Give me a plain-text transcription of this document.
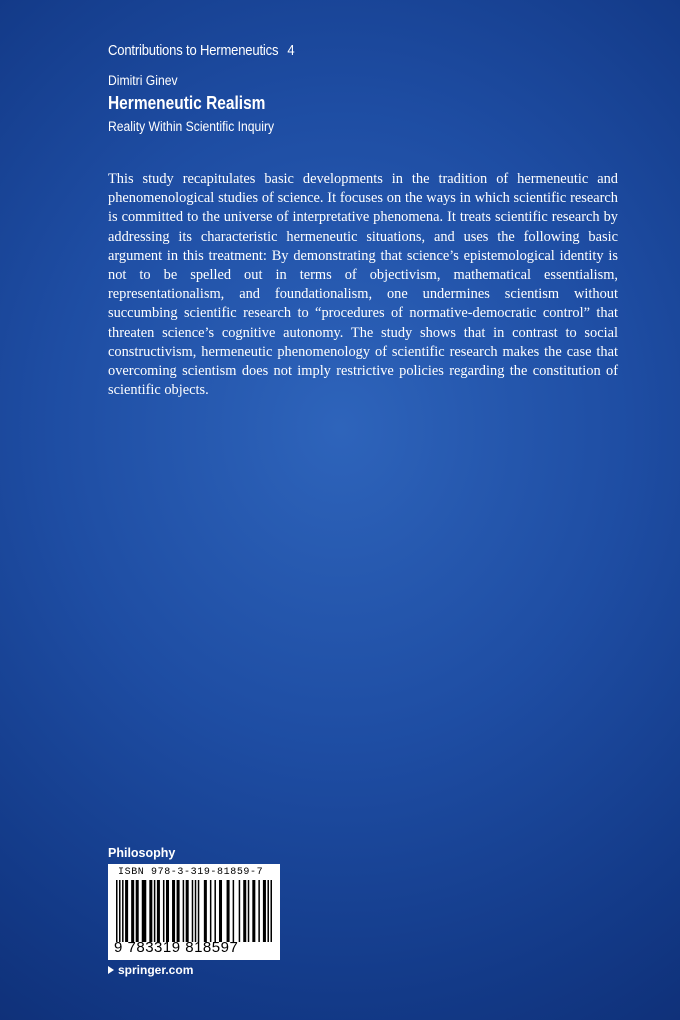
Contributions to Hermeneutics 4
Dimitri Ginev
Hermeneutic Realism
Reality Within Scientific Inquiry

This study recapitulates basic developments in the tradition of hermeneutic and phenomenological studies of science. It focuses on the ways in which scientific research is committed to the universe of interpretative phenomena. It treats scientific research by addressing its characteristic hermeneutic situations, and uses the following basic argument in this treatment: By demonstrating that science’s epistemological identity is not to be spelled out in terms of objectivism, mathematical essentialism, representationalism, and foundationalism, one undermines scientism without succumbing scientific research to “procedures of normative-democratic control” that threaten science’s cognitive autonomy. The study shows that in contrast to social constructivism, hermeneutic phenomenology of scientific research makes the case that overcoming scientism does not imply restrictive policies regarding the constitution of scientific objects.

Philosophy
ISBN 978-3-319-81859-7
9 783319 818597
springer.com
